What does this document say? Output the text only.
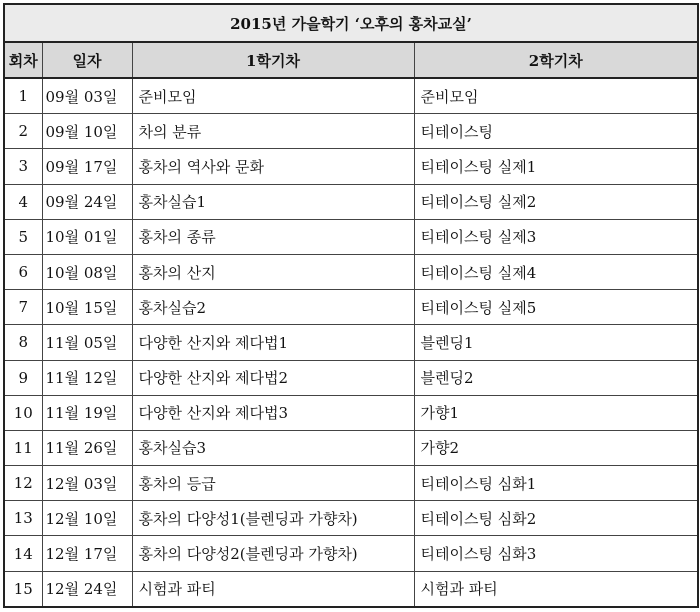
2015년 가을학기 ‘오후의 홍차교실’			
회차	일자	1학기차	2학기차
1	09월 03일	준비모임	준비모임
2	09월 10일	차의 분류	티테이스팅
3	09월 17일	홍차의 역사와 문화	티테이스팅 실제1
4	09월 24일	홍차실습1	티테이스팅 실제2
5	10월 01일	홍차의 종류	티테이스팅 실제3
6	10월 08일	홍차의 산지	티테이스팅 실제4
7	10월 15일	홍차실습2	티테이스팅 실제5
8	11월 05일	다양한 산지와 제다법1	블렌딩1
9	11월 12일	다양한 산지와 제다법2	블렌딩2
10	11월 19일	다양한 산지와 제다법3	가향1
11	11월 26일	홍차실습3	가향2
12	12월 03일	홍차의 등급	티테이스팅 심화1
13	12월 10일	홍차의 다양성1(블렌딩과 가향차)	티테이스팅 심화2
14	12월 17일	홍차의 다양성2(블렌딩과 가향차)	티테이스팅 심화3
15	12월 24일	시험과 파티	시험과 파티
